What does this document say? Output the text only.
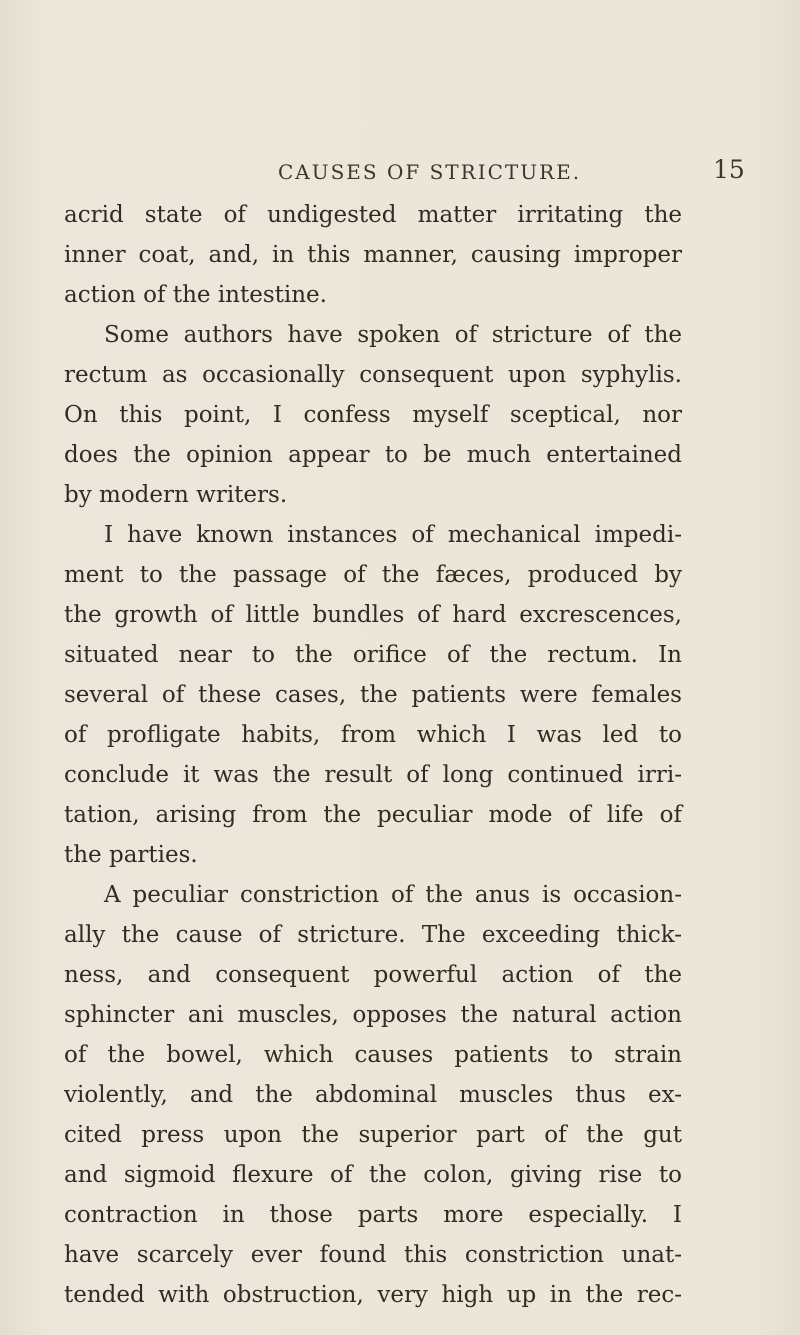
CAUSES OF STRICTURE.	15
acrid state of undigested matter irritating the
inner coat, and, in this manner, causing improper
action of the intestine.
Some authors have spoken of stricture of the
rectum as occasionally consequent upon syphylis.
On this point, I confess myself sceptical, nor
does the opinion appear to be much entertained
by modern writers.
I have known instances of mechanical impedi-
ment to the passage of the fæces, produced by
the growth of little bundles of hard excrescences,
situated near to the orifice of the rectum. In
several of these cases, the patients were females
of profligate habits, from which I was led to
conclude it was the result of long continued irri-
tation, arising from the peculiar mode of life of
the parties.
A peculiar constriction of the anus is occasion-
ally the cause of stricture. The exceeding thick-
ness, and consequent powerful action of the
sphincter ani muscles, opposes the natural action
of the bowel, which causes patients to strain
violently, and the abdominal muscles thus ex-
cited press upon the superior part of the gut
and sigmoid flexure of the colon, giving rise to
contraction in those parts more especially. I
have scarcely ever found this constriction unat-
tended with obstruction, very high up in the rec-
